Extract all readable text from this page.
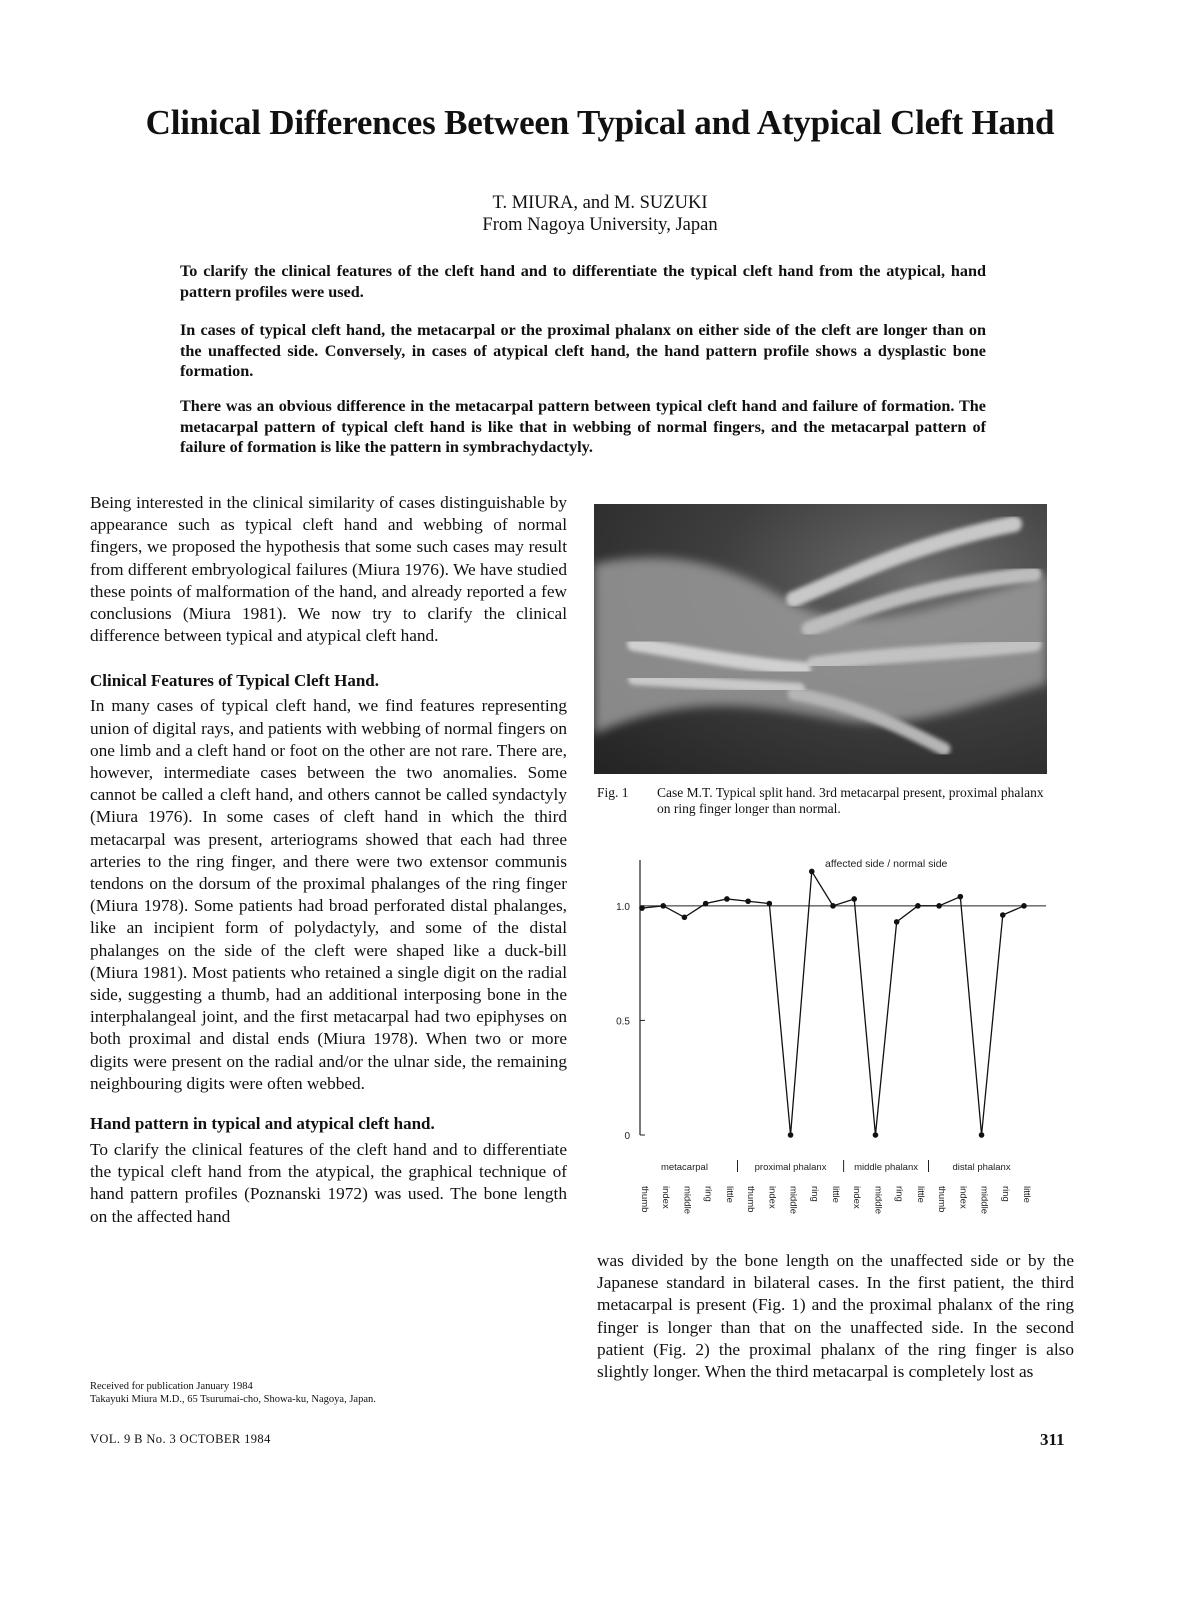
Clinical Differences Between Typical and Atypical Cleft Hand
T. MIURA, and M. SUZUKI
From Nagoya University, Japan

To clarify the clinical features of the cleft hand and to differentiate the typical cleft hand from the atypical, hand pattern profiles were used.

In cases of typical cleft hand, the metacarpal or the proximal phalanx on either side of the cleft are longer than on the unaffected side. Conversely, in cases of atypical cleft hand, the hand pattern profile shows a dysplastic bone formation.

There was an obvious difference in the metacarpal pattern between typical cleft hand and failure of formation. The metacarpal pattern of typical cleft hand is like that in webbing of normal fingers, and the metacarpal pattern of failure of formation is like the pattern in symbrachydactyly.

Being interested in the clinical similarity of cases distinguishable by appearance such as typical cleft hand and webbing of normal fingers, we proposed the hypothesis that some such cases may result from different embryological failures (Miura 1976). We have studied these points of malformation of the hand, and already reported a few conclusions (Miura 1981). We now try to clarify the clinical difference between typical and atypical cleft hand.

Clinical Features of Typical Cleft Hand.

In many cases of typical cleft hand, we find features representing union of digital rays, and patients with webbing of normal fingers on one limb and a cleft hand or foot on the other are not rare. There are, however, intermediate cases between the two anomalies. Some cannot be called a cleft hand, and others cannot be called syndactyly (Miura 1976). In some cases of cleft hand in which the third metacarpal was present, arteriograms showed that each had three arteries to the ring finger, and there were two extensor communis tendons on the dorsum of the proximal phalanges of the ring finger (Miura 1978). Some patients had broad perforated distal phalanges, like an incipient form of polydactyly, and some of the distal phalanges on the side of the cleft were shaped like a duck-bill (Miura 1981). Most patients who retained a single digit on the radial side, suggesting a thumb, had an additional interposing bone in the interphalangeal joint, and the first metacarpal had two epiphyses on both proximal and distal ends (Miura 1978). When two or more digits were present on the radial and/or the ulnar side, the remaining neighbouring digits were often webbed.

Hand pattern in typical and atypical cleft hand.

To clarify the clinical features of the cleft hand and to differentiate the typical cleft hand from the atypical, the graphical technique of hand pattern profiles (Poznanski 1972) was used. The bone length on the affected hand

Fig. 1 Case M.T. Typical split hand. 3rd metacarpal present, proximal phalanx on ring finger longer than normal.
affected side / normal side
1.0
0.5
0
metacarpal	proximal phalanx	middle phalanx	distal phalanx
thumb index middle ring little thumb index middle ring little index middle ring little thumb index middle ring little

was divided by the bone length on the unaffected side or by the Japanese standard in bilateral cases. In the first patient, the third metacarpal is present (Fig. 1) and the proximal phalanx of the ring finger is longer than that on the unaffected side. In the second patient (Fig. 2) the proximal phalanx of the ring finger is also slightly longer. When the third metacarpal is completely lost as

Received for publication January 1984
Takayuki Miura M.D., 65 Tsurumai-cho, Showa-ku, Nagoya, Japan.
VOL. 9 B No. 3 OCTOBER 1984	311
